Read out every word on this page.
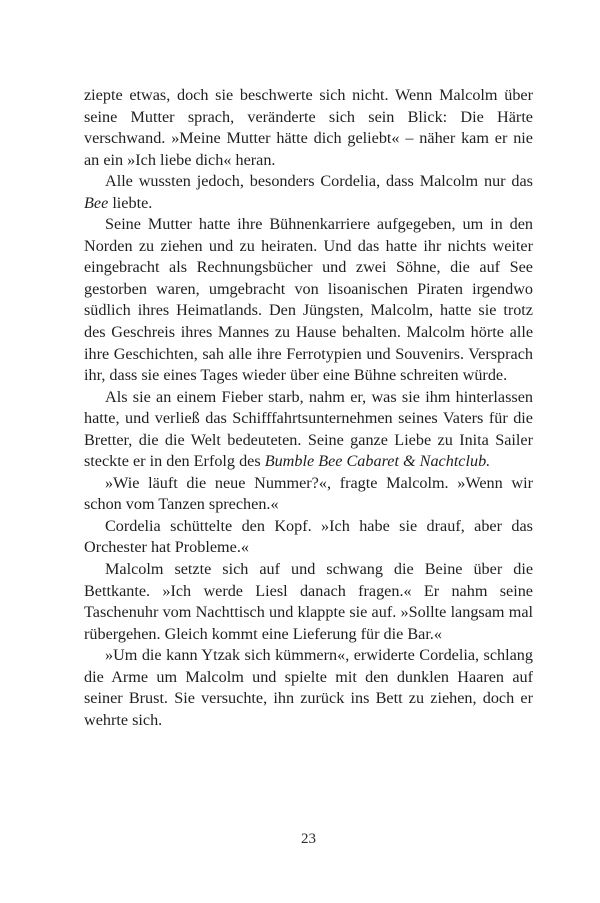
ziepte etwas, doch sie beschwerte sich nicht. Wenn Malcolm über seine Mutter sprach, veränderte sich sein Blick: Die Härte verschwand. »Meine Mutter hätte dich geliebt« – näher kam er nie an ein »Ich liebe dich« heran.

Alle wussten jedoch, besonders Cordelia, dass Malcolm nur das Bee liebte.

Seine Mutter hatte ihre Bühnenkarriere aufgegeben, um in den Norden zu ziehen und zu heiraten. Und das hatte ihr nichts weiter eingebracht als Rechnungsbücher und zwei Söhne, die auf See gestorben waren, umgebracht von lisoanischen Piraten irgendwo südlich ihres Heimatlands. Den Jüngsten, Malcolm, hatte sie trotz des Geschreis ihres Mannes zu Hause behalten. Malcolm hörte alle ihre Geschichten, sah alle ihre Ferrotypien und Souvenirs. Versprach ihr, dass sie eines Tages wieder über eine Bühne schreiten würde.

Als sie an einem Fieber starb, nahm er, was sie ihm hinterlassen hatte, und verließ das Schifffahrtsunternehmen seines Vaters für die Bretter, die die Welt bedeuteten. Seine ganze Liebe zu Inita Sailer steckte er in den Erfolg des Bumble Bee Cabaret & Nachtclub.

»Wie läuft die neue Nummer?«, fragte Malcolm. »Wenn wir schon vom Tanzen sprechen.«

Cordelia schüttelte den Kopf. »Ich habe sie drauf, aber das Orchester hat Probleme.«

Malcolm setzte sich auf und schwang die Beine über die Bettkante. »Ich werde Liesl danach fragen.« Er nahm seine Taschenuhr vom Nachttisch und klappte sie auf. »Sollte langsam mal rübergehen. Gleich kommt eine Lieferung für die Bar.«

»Um die kann Ytzak sich kümmern«, erwiderte Cordelia, schlang die Arme um Malcolm und spielte mit den dunklen Haaren auf seiner Brust. Sie versuchte, ihn zurück ins Bett zu ziehen, doch er wehrte sich.

23
